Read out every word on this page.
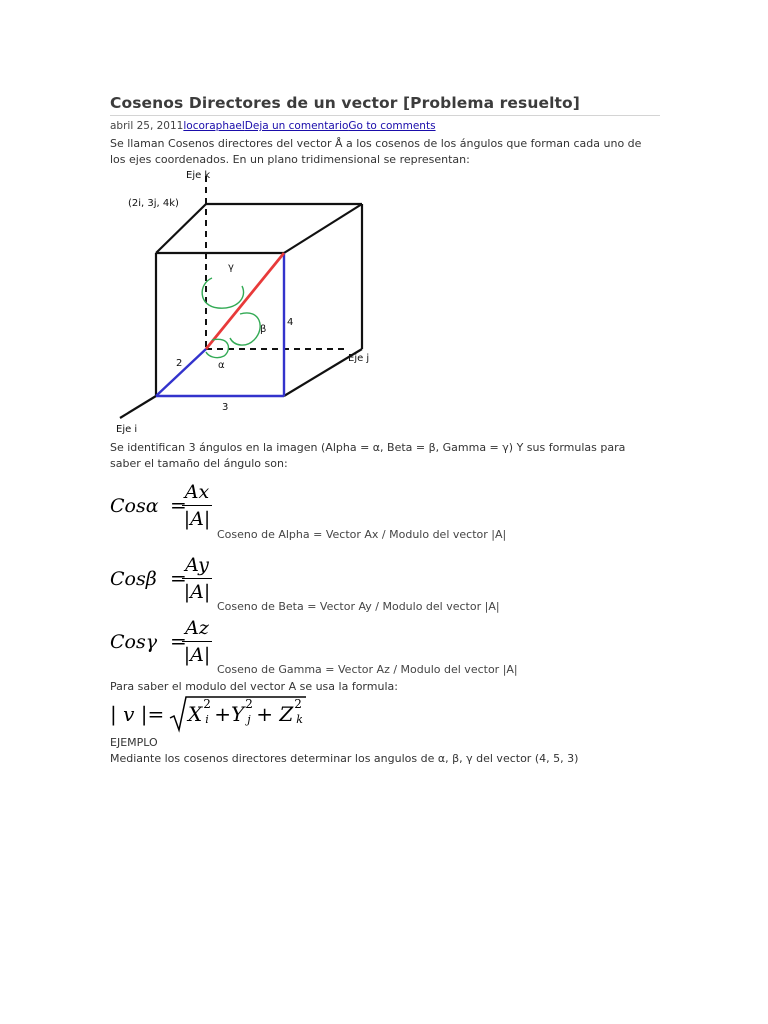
Cosenos Directores de un vector [Problema resuelto]
abril 25, 2011locoraphaelDeja un comentarioGo to comments
Se llaman Cosenos directores del vector Å a los cosenos de los ángulos que forman cada uno de los ejes coordenados. En un plano tridimensional se representan:
Eje k
(2i, 3j, 4k)
Eje j
Eje i
γ
β
α
2
3
4
Se identifican 3 ángulos en la imagen (Alpha = α, Beta = β, Gamma = γ) Y sus formulas para saber el tamaño del ángulo son:
Cosα =
Ax
|A|
Coseno de Alpha = Vector Ax / Modulo del vector |A|
Cosβ =
Ay
|A|
Coseno de Beta = Vector Ay / Modulo del vector |A|
Cosγ =
Az
|A|
Coseno de Gamma = Vector Az / Modulo del vector |A|
Para saber el modulo del vector A se usa la formula:
| v |= X 2
i +Y 2
j + Z 2
k
EJEMPLO
Mediante los cosenos directores determinar los angulos de α, β, γ del vector (4, 5, 3)
